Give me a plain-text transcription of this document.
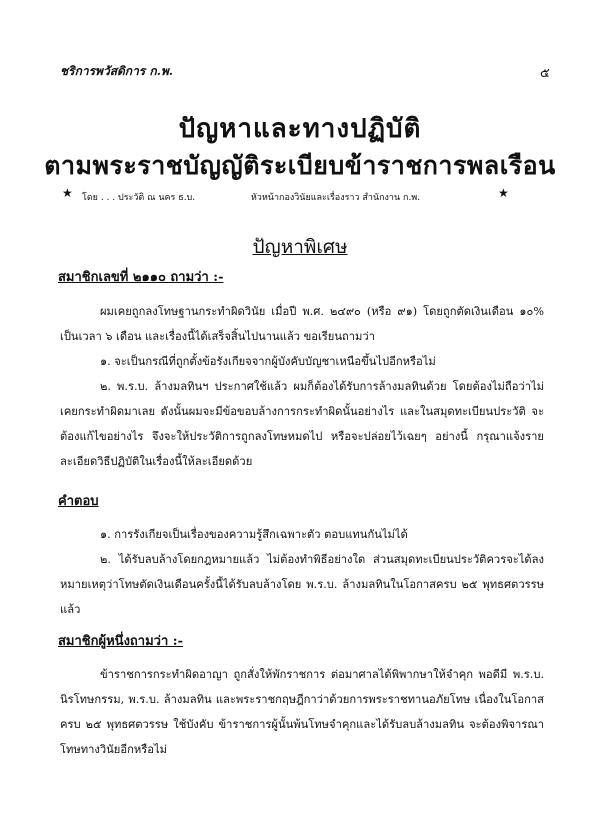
ชริการพวัสดิการ ก.พ.	๕
ปัญหาและทางปฏิบัติ
ตามพระราชบัญญัติระเบียบข้าราชการพลเรือน
★ โดย . . . ประวัติ ณ นคร ธ.บ.	หัวหน้ากองวินัยและเรื่องราว สำนักงาน ก.พ.	★
ปัญหาพิเศษ
สมาชิกเลขที่ ๒๑๑๐ ถามว่า :-
ผมเคยถูกลงโทษฐานกระทำผิดวินัย เมื่อปี พ.ศ. ๒๔๙๐ (หรือ ๙๑) โดยถูกตัดเงินเดือน ๑๐% เป็นเวลา ๖ เดือน และเรื่องนี้ได้เสร็จสิ้นไปนานแล้ว ขอเรียนถามว่า
๑. จะเป็นกรณีที่ถูกตั้งข้อรังเกียจจากผู้บังคับบัญชาเหนือขึ้นไปอีกหรือไม่
๒. พ.ร.บ. ล้างมลทินฯ ประกาศใช้แล้ว ผมก็ต้องได้รับการล้างมลทินด้วย โดยต้องไม่ถือว่าไม่เคยกระทำผิดมาเลย ดังนั้นผมจะมีข้อขอบล้างการกระทำผิดนั้นอย่างไร และในสมุดทะเบียนประวัติ จะต้องแก้ไขอย่างไร จึงจะให้ประวัติการถูกลงโทษหมดไป หรือจะปล่อยไว้เฉยๆ อย่างนี้ กรุณาแจ้งรายละเอียดวิธีปฏิบัติในเรื่องนี้ให้ละเอียดด้วย
คำตอบ
๑. การรังเกียจเป็นเรื่องของความรู้สึกเฉพาะตัว ตอบแทนกันไม่ได้
๒. ได้รับลบล้างโดยกฎหมายแล้ว ไม่ต้องทำพิธีอย่างใด ส่วนสมุดทะเบียนประวัติควรจะได้ลงหมายเหตุว่าโทษตัดเงินเดือนครั้งนี้ได้รับลบล้างโดย พ.ร.บ. ล้างมลทินในโอกาสครบ ๒๕ พุทธศตวรรษแล้ว
สมาชิกผู้หนึ่งถามว่า :-
ข้าราชการกระทำผิดอาญา ถูกสั่งให้พักราชการ ต่อมาศาลได้พิพากษาให้จำคุก พอดีมี พ.ร.บ. นิรโทษกรรม, พ.ร.บ. ล้างมลทิน และพระราชกฤษฎีกาว่าด้วยการพระราชทานอภัยโทษ เนื่องในโอกาสครบ ๒๕ พุทธศตวรรษ ใช้บังคับ ข้าราชการผู้นั้นพ้นโทษจำคุกและได้รับลบล้างมลทิน จะต้องพิจารณาโทษทางวินัยอีกหรือไม่
